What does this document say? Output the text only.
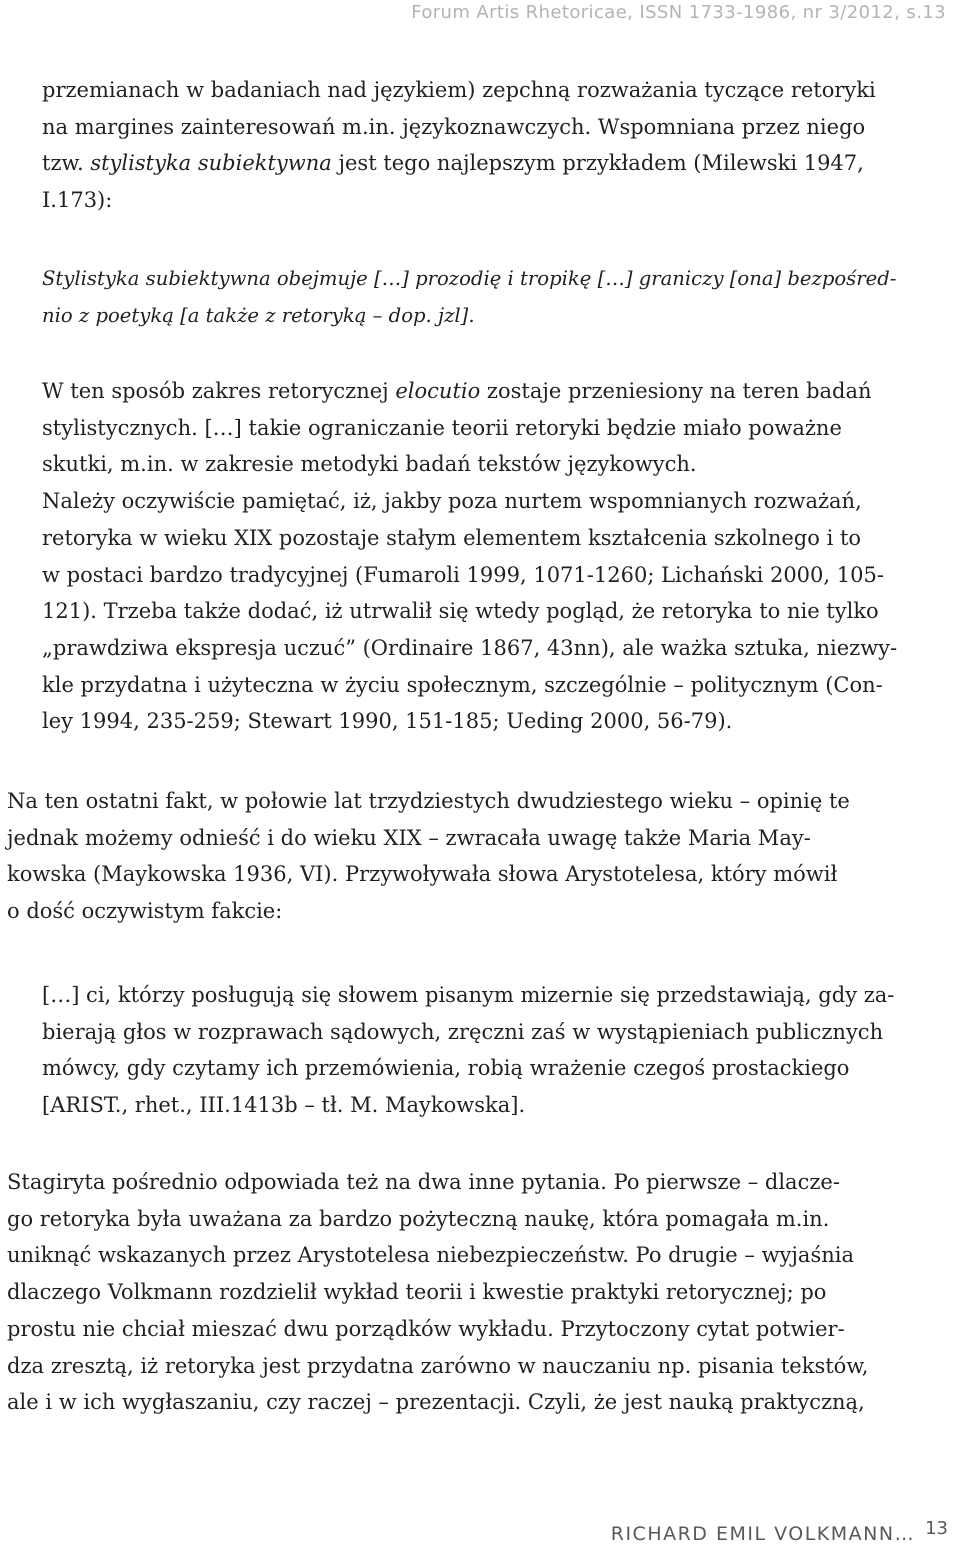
Forum Artis Rhetoricae, ISSN 1733-1986, nr 3/2012, s.13

przemianach w badaniach nad językiem) zepchną rozważania tyczące retoryki
na margines zainteresowań m.in. językoznawczych. Wspomniana przez niego
tzw. stylistyka subiektywna jest tego najlepszym przykładem (Milewski 1947,
I.173):

Stylistyka subiektywna obejmuje […] prozodię i tropikę […] graniczy [ona] bezpośred-
nio z poetyką [a także z retoryką – dop. jzl].

W ten sposób zakres retorycznej elocutio zostaje przeniesiony na teren badań
stylistycznych. […] takie ograniczanie teorii retoryki będzie miało poważne
skutki, m.in. w zakresie metodyki badań tekstów językowych.
Należy oczywiście pamiętać, iż, jakby poza nurtem wspomnianych rozważań,
retoryka w wieku XIX pozostaje stałym elementem kształcenia szkolnego i to
w postaci bardzo tradycyjnej (Fumaroli 1999, 1071-1260; Lichański 2000, 105-
121). Trzeba także dodać, iż utrwalił się wtedy pogląd, że retoryka to nie tylko
„prawdziwa ekspresja uczuć” (Ordinaire 1867, 43nn), ale ważka sztuka, niezwy-
kle przydatna i użyteczna w życiu społecznym, szczególnie – politycznym (Con-
ley 1994, 235-259; Stewart 1990, 151-185; Ueding 2000, 56-79).

Na ten ostatni fakt, w połowie lat trzydziestych dwudziestego wieku – opinię te
jednak możemy odnieść i do wieku XIX – zwracała uwagę także Maria May-
kowska (Maykowska 1936, VI). Przywoływała słowa Arystotelesa, który mówił
o dość oczywistym fakcie:

[…] ci, którzy posługują się słowem pisanym mizernie się przedstawiają, gdy za-
bierają głos w rozprawach sądowych, zręczni zaś w wystąpieniach publicznych
mówcy, gdy czytamy ich przemówienia, robią wrażenie czegoś prostackiego
[ARIST., rhet., III.1413b – tł. M. Maykowska].

Stagiryta pośrednio odpowiada też na dwa inne pytania. Po pierwsze – dlacze-
go retoryka była uważana za bardzo pożyteczną naukę, która pomagała m.in.
uniknąć wskazanych przez Arystotelesa niebezpieczeństw. Po drugie – wyjaśnia
dlaczego Volkmann rozdzielił wykład teorii i kwestie praktyki retorycznej; po
prostu nie chciał mieszać dwu porządków wykładu. Przytoczony cytat potwier-
dza zresztą, iż retoryka jest przydatna zarówno w nauczaniu np. pisania tekstów,
ale i w ich wygłaszaniu, czy raczej – prezentacji. Czyli, że jest nauką praktyczną,

RICHARD EMIL VOLKMANN… 13
